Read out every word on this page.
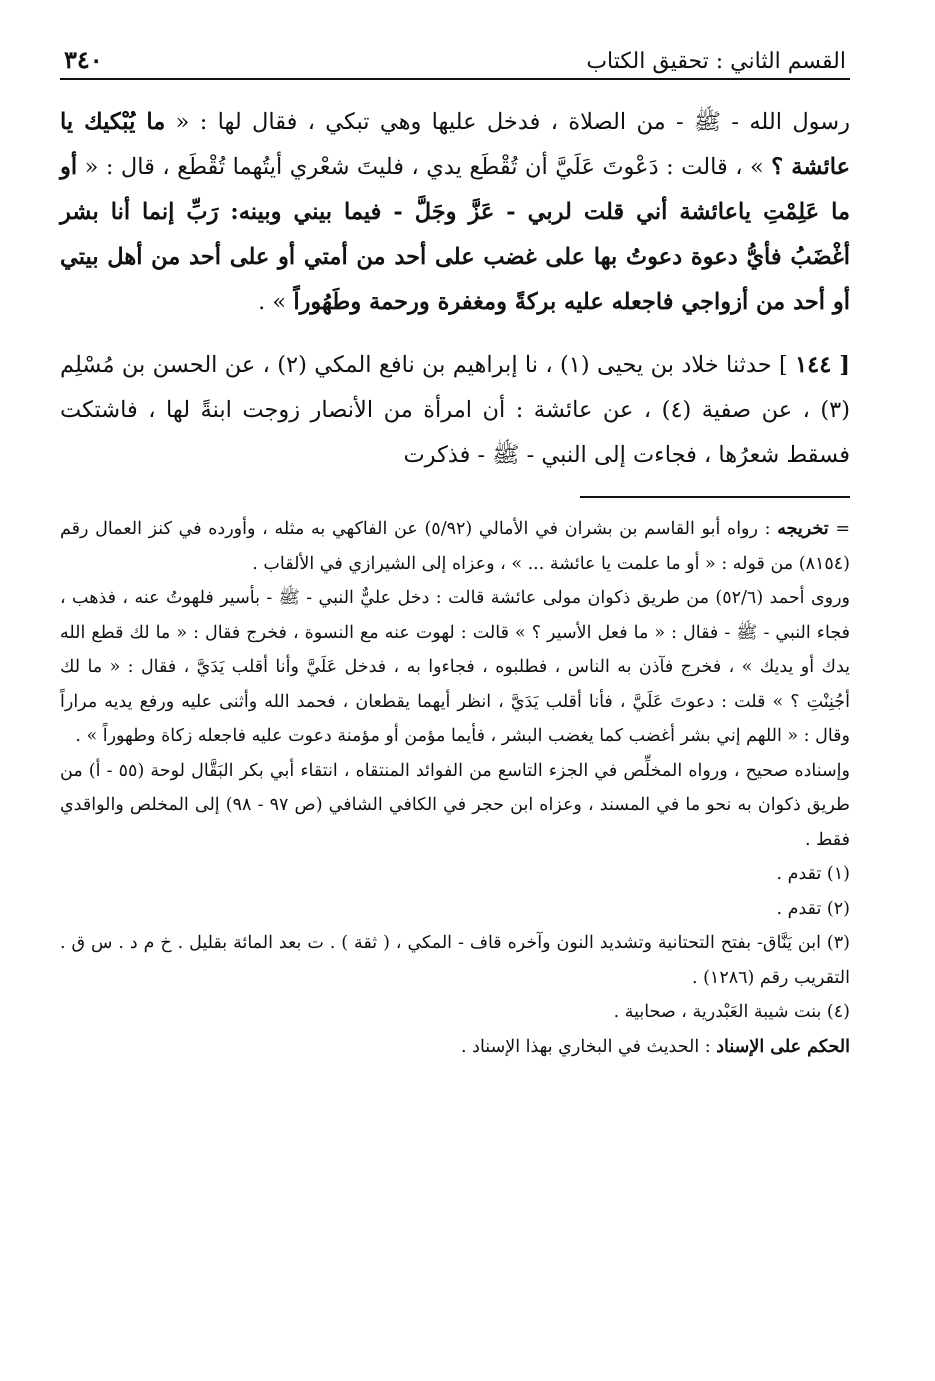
القسم الثاني : تحقيق الكتاب
٣٤٠

رسول الله - ﷺ - من الصلاة ، فدخل عليها وهي تبكي ، فقال لها : « ما يُبْكيك يا عائشة ؟ » ، قالت : دَعْوتَ عَلَيَّ أن تُقْطَع يدي ، فليتَ شعْري أيتُهما تُقْطَع ، قال : « أو ما عَلِمْتِ ياعائشة أني قلت لربي - عَزَّ وجَلَّ - فيما بيني وبينه: رَبِّ إنما أنا بشر أغْضَبُ فأيُّ دعوة دعوتُ بها على غضب على أحد من أمتي أو على أحد من أهل بيتي أو أحد من أزواجي فاجعله عليه بركةً ومغفرة ورحمة وطَهُوراً » .

[ ١٤٤ ] حدثنا خلاد بن يحيى (١) ، نا إبراهيم بن نافع المكي (٢) ، عن الحسن بن مُسْلِم (٣) ، عن صفية (٤) ، عن عائشة : أن امرأة من الأنصار زوجت ابنةً لها ، فاشتكت فسقط شعرُها ، فجاءت إلى النبي - ﷺ - فذكرت

= تخريجه : رواه أبو القاسم بن بشران في الأمالي (٥/٩٢) عن الفاكهي به مثله ، وأورده في كنز العمال رقم (٨١٥٤) من قوله : « أو ما علمت يا عائشة ... » ، وعزاه إلى الشيرازي في الألقاب .

وروى أحمد (٥٢/٦) من طريق ذكوان مولى عائشة قالت : دخل عليٌّ النبي - ﷺ - بأسير فلهوتُ عنه ، فذهب ، فجاء النبي - ﷺ - فقال : « ما فعل الأسير ؟ » قالت : لهوت عنه مع النسوة ، فخرج فقال : « ما لك قطع الله يدك أو يديك » ، فخرج فآذن به الناس ، فطلبوه ، فجاءوا به ، فدخل عَلَيَّ وأنا أقلب يَدَيَّ ، فقال : « ما لك أجُنِنْتِ ؟ » قلت : دعوتَ عَلَيَّ ، فأنا أقلب يَدَيَّ ، انظر أيهما يقطعان ، فحمد الله وأثنى عليه ورفع يديه مراراً وقال : « اللهم إني بشر أغضب كما يغضب البشر ، فأيما مؤمن أو مؤمنة دعوت عليه فاجعله زكاة وطهوراً » .

وإسناده صحيح ، ورواه المخلِّص في الجزء التاسع من الفوائد المنتقاه ، انتقاء أبي بكر البَقَّال لوحة (٥٥ - أ) من طريق ذكوان به نحو ما في المسند ، وعزاه ابن حجر في الكافي الشافي (ص ٩٧ - ٩٨) إلى المخلص والواقدي فقط .

(١) تقدم .

(٢) تقدم .

(٣) ابن يَنَّاق- بفتح التحتانية وتشديد النون وآخره قاف - المكي ، ( ثقة ) . ت بعد المائة بقليل . خ م د . س ق . التقريب رقم (١٢٨٦) .

(٤) بنت شيبة العَبْدرية ، صحابية .

الحكم على الإسناد : الحديث في البخاري بهذا الإسناد .
